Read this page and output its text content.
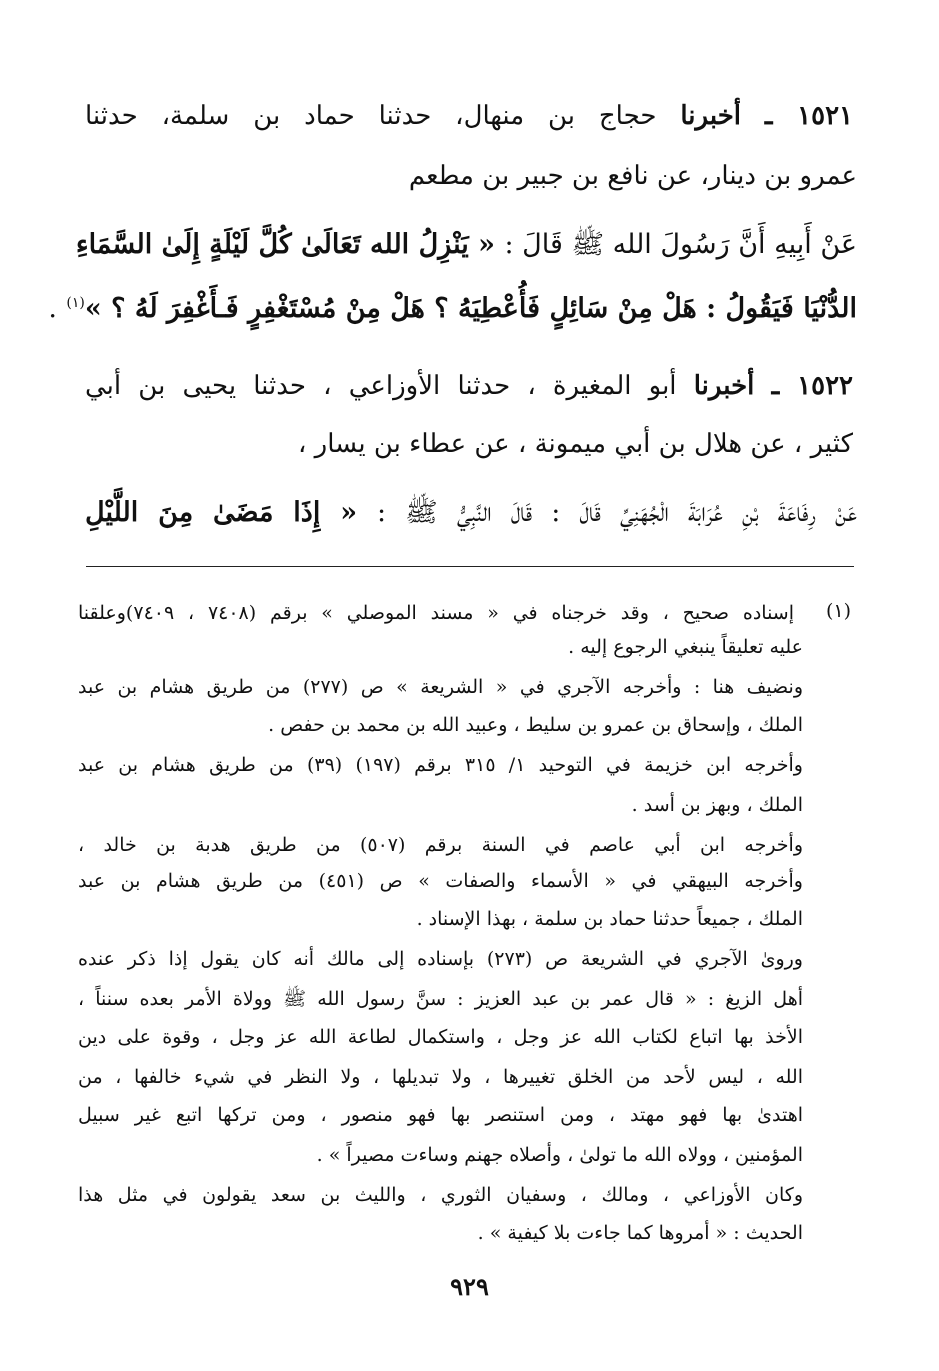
١٥٢١ ـ أخبرنا حجاج بن منهال، حدثنا حماد بن سلمة، حدثنا
عمرو بن دينار، عن نافع بن جبير بن مطعم
عَنْ أَبِيهِ أَنَّ رَسُولَ الله ﷺ قَالَ : « يَنْزِلُ الله تَعَالَىٰ كُلَّ لَيْلَةٍ إِلَىٰ السَّمَاءِ
الدُّنْيَا فَيَقُولُ : هَلْ مِنْ سَائِلٍ فَأُعْطِيَهُ ؟ هَلْ مِنْ مُسْتَغْفِرٍ فَـأَغْفِرَ لَهُ ؟ »$^{(١)}$ .
١٥٢٢ ـ أخبرنا أبو المغيرة ، حدثنا الأوزاعي ، حدثنا يحيى بن أبي
كثير ، عن هلال بن أبي ميمونة ، عن عطاء بن يسار ،
عَنْ رِفَاعَةَ بْنِ عُرَابَةَ الْجُهَنِيِّ قَالَ : قَالَ النَّبِيُّ ﷺ : « إِذَا مَضَىٰ مِنَ اللَّيْلِ
(١)
إسناده صحيح ، وقد خرجناه في « مسند الموصلي » برقم (٧٤٠٨ ، ٧٤٠٩)وعلقنا
عليه تعليقاً ينبغي الرجوع إليه .
ونضيف هنا : وأخرجه الآجري في « الشريعة » ص (٢٧٧) من طريق هشام بن عبد
الملك ، وإسحاق بن عمرو بن سليط ، وعبيد الله بن محمد بن حفص .
وأخرجه ابن خزيمة في التوحيد ١/ ٣١٥ برقم (١٩٧) (٣٩) من طريق هشام بن عبد
الملك ، وبهز بن أسد .
وأخرجه ابن أبي عاصم في السنة برقم (٥٠٧) من طريق هدبة بن خالد ،
وأخرجه البيهقي في « الأسماء والصفات » ص (٤٥١) من طريق هشام بن عبد
الملك ، جميعاً حدثنا حماد بن سلمة ، بهذا الإسناد .
وروىٰ الآجري في الشريعة ص (٢٧٣) بإسناده إلى مالك أنه كان يقول إذا ذكر عنده
أهل الزيغ : « قال عمر بن عبد العزيز : سنَّ رسول الله ﷺ وولاة الأمر بعده سنناً ،
الأخذ بها اتباع لكتاب الله عز وجل ، واستكمال لطاعة الله عز وجل ، وقوة على دين
الله ، ليس لأحد من الخلق تغييرها ، ولا تبديلها ، ولا النظر في شيء خالفها ، من
اهتدىٰ بها فهو مهتد ، ومن استنصر بها فهو منصور ، ومن تركها اتبع غير سبيل
المؤمنين ، وولاه الله ما تولىٰ ، وأصلاه جهنم وساءت مصيراً » .
وكان الأوزاعي ، ومالك ، وسفيان الثوري ، والليث بن سعد يقولون في مثل هذا
الحديث : « أمروها كما جاءت بلا كيفية » .
٩٢٩
